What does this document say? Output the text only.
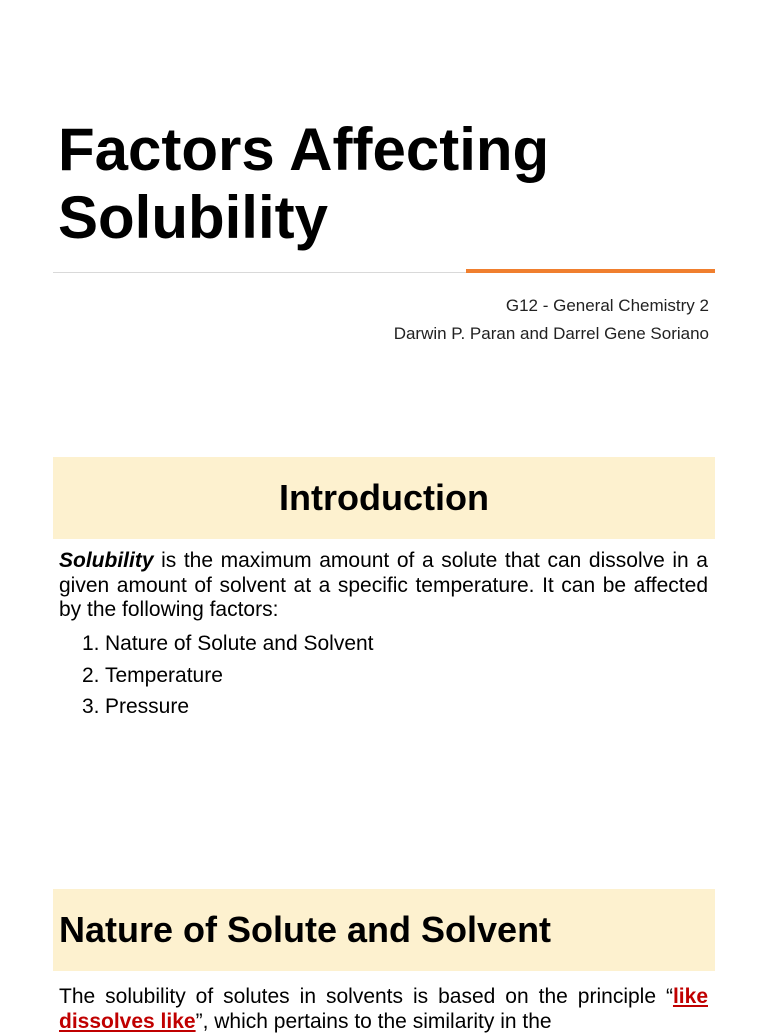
Factors Affecting Solubility
G12 - General Chemistry 2
Darwin P. Paran and Darrel Gene Soriano
Introduction

Solubility is the maximum amount of a solute that can dissolve in a given amount of solvent at a specific temperature. It can be affected by the following factors:

1. Nature of Solute and Solvent
2. Temperature
3. Pressure
Nature of Solute and Solvent

The solubility of solutes in solvents is based on the principle “like dissolves like”, which pertains to the similarity in the
